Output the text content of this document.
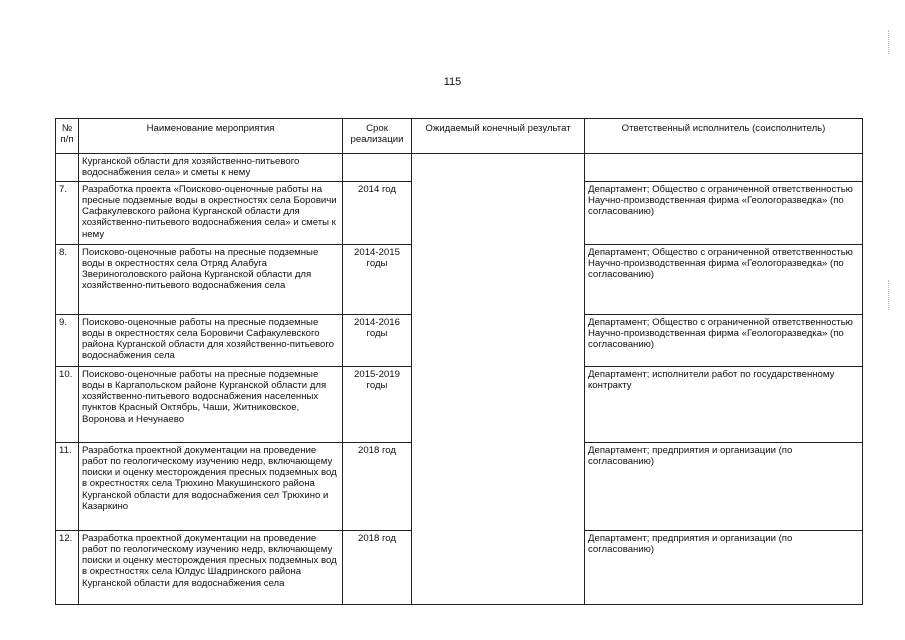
115
№ п/п	Наименование мероприятия	Срок реализации	Ожидаемый конечный результат	Ответственный исполнитель (соисполнитель)
	Курганской области для хозяйственно-питьевого водоснабжения села» и сметы к нему			
7.	Разработка проекта «Поисково-оценочные работы на пресные подземные воды в окрестностях села Боровичи Сафакулевского района Курганской области для хозяйственно-питьевого водоснабжения села» и сметы к нему	2014 год		Департамент; Общество с ограниченной ответственностью Научно-производственная фирма «Геологоразведка» (по согласованию)
8.	Поисково-оценочные работы на пресные подземные воды в окрестностях села Отряд Алабуга Звериноголовского района Курганской области для хозяйственно-питьевого водоснабжения села	2014-2015 годы		Департамент; Общество с ограниченной ответственностью Научно-производственная фирма «Геологоразведка» (по согласованию)
9.	Поисково-оценочные работы на пресные подземные воды в окрестностях села Боровичи Сафакулевского района Курганской области для хозяйственно-питьевого водоснабжения села	2014-2016 годы		Департамент; Общество с ограниченной ответственностью Научно-производственная фирма «Геологоразведка» (по согласованию)
10.	Поисково-оценочные работы на пресные подземные воды в Каргапольском районе Курганской области для хозяйственно-питьевого водоснабжения населенных пунктов Красный Октябрь, Чаши, Житниковское, Воронова и Нечунаево	2015-2019 годы		Департамент; исполнители работ по государственному контракту
11.	Разработка проектной документации на проведение работ по геологическому изучению недр, включающему поиски и оценку месторождения пресных подземных вод в окрестностях села Трюхино Макушинского района Курганской области для водоснабжения сел Трюхино и Казаркино	2018 год		Департамент; предприятия и организации (по согласованию)
12.	Разработка проектной документации на проведение работ по геологическому изучению недр, включающему поиски и оценку месторождения пресных подземных вод в окрестностях села Юлдус Шадринского района Курганской области для водоснабжения села	2018 год		Департамент; предприятия и организации (по согласованию)
